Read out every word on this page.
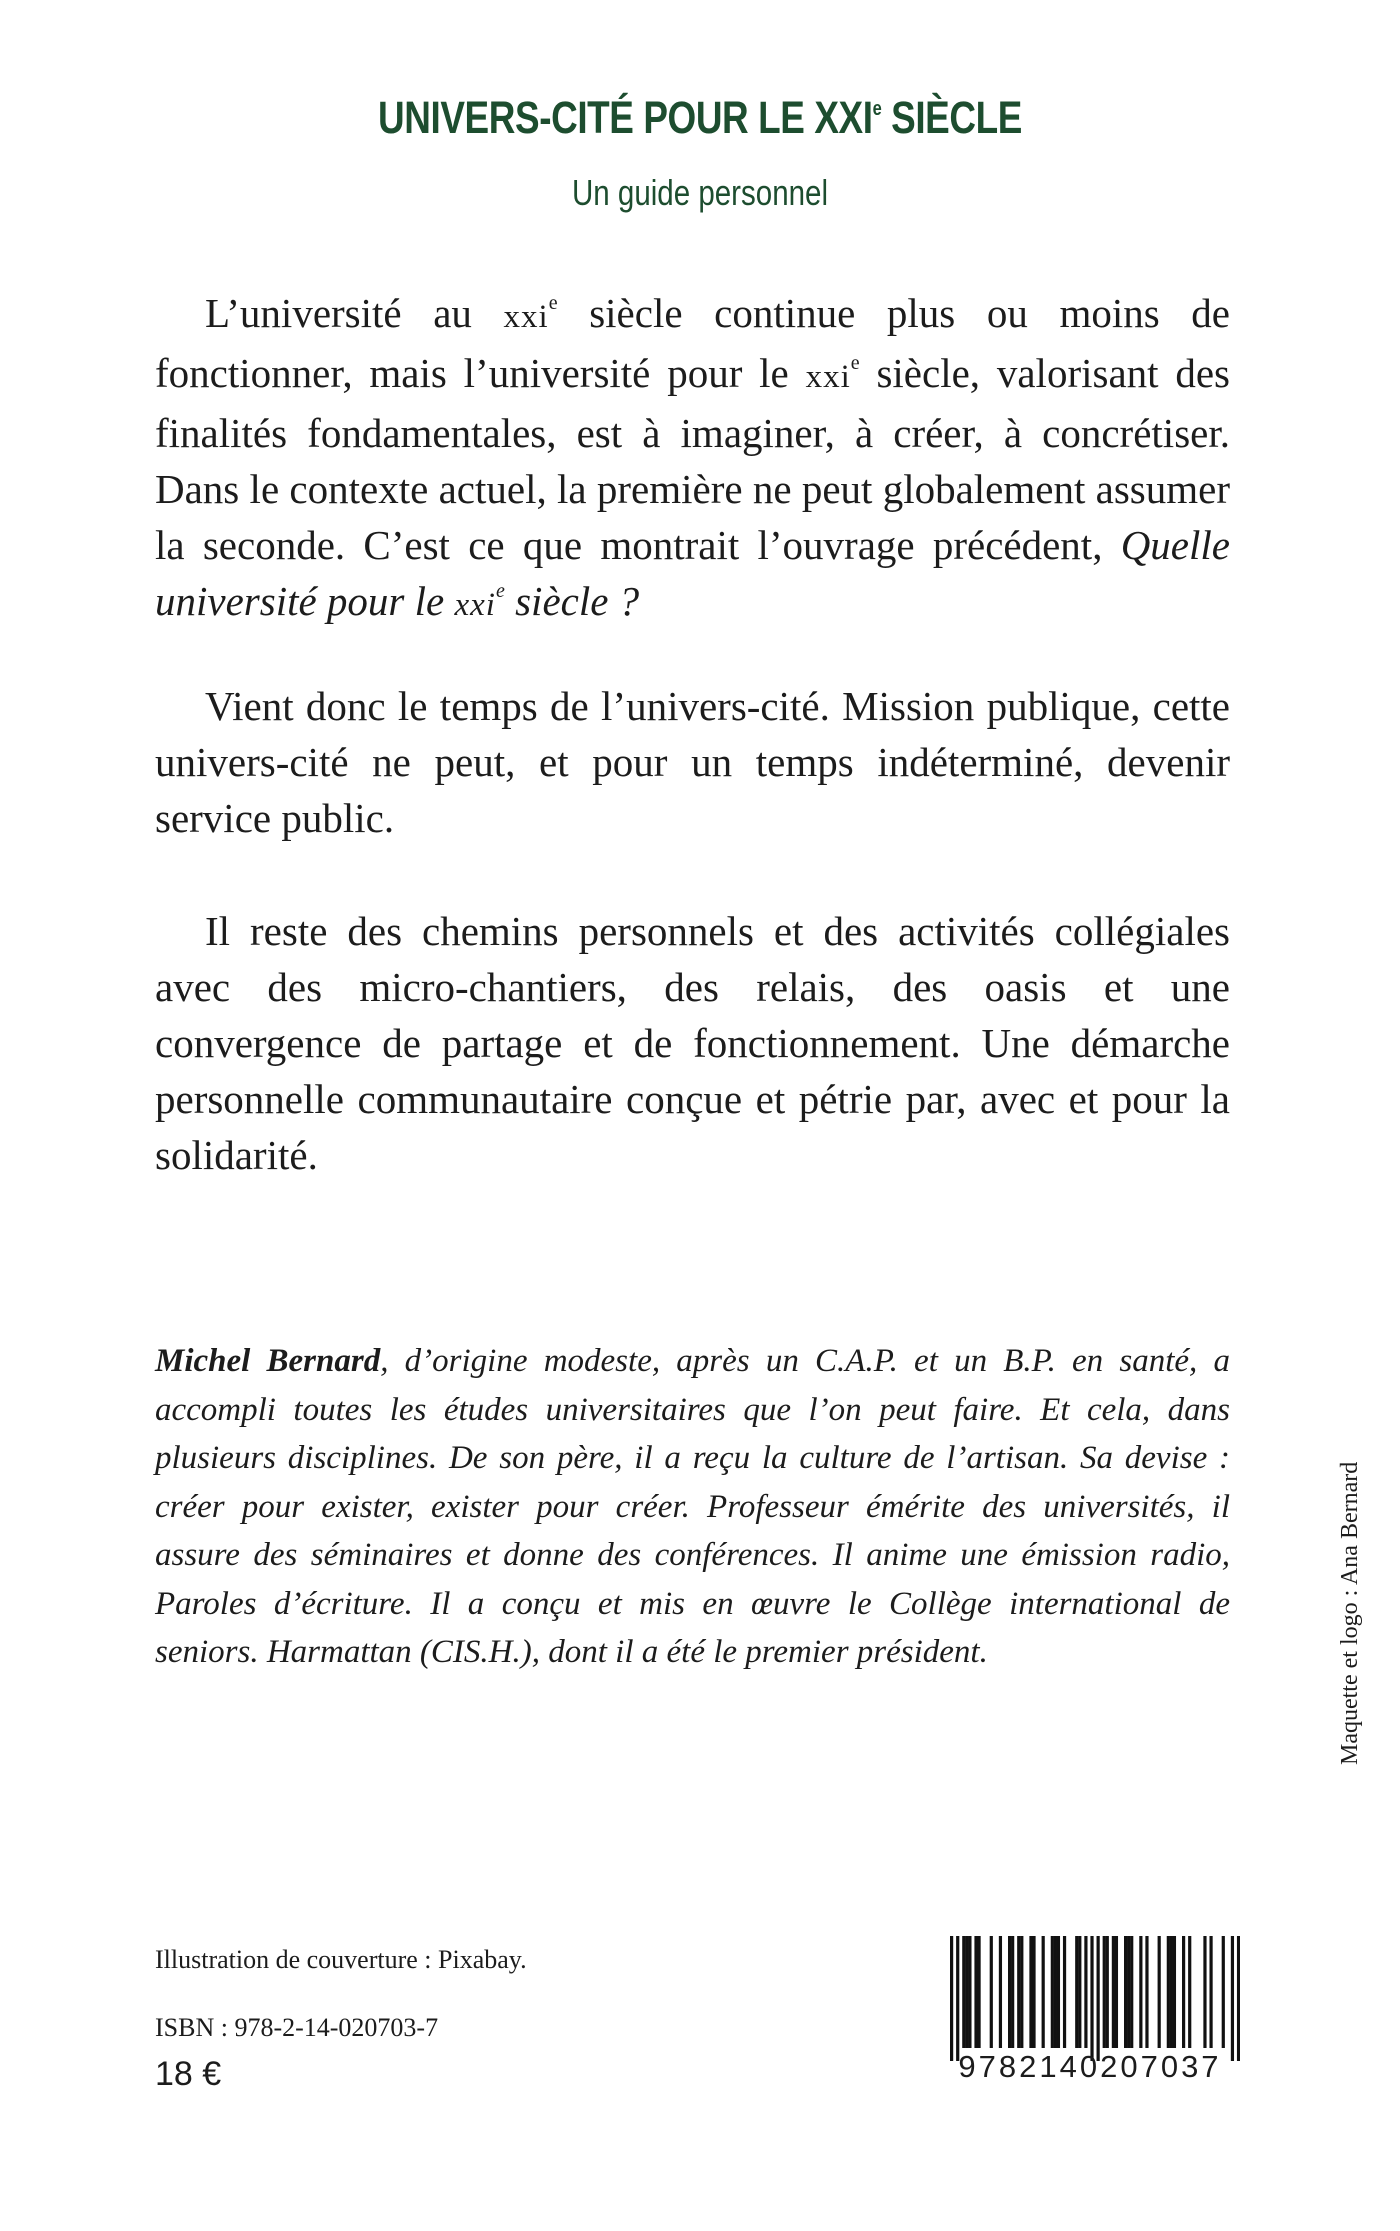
UNIVERS-CITÉ POUR LE XXIe SIÈCLE
Un guide personnel

L’université au xxi$^e$ siècle continue plus ou moins de fonctionner, mais l’université pour le xxi$^e$ siècle, valorisant des finalités fondamentales, est à imaginer, à créer, à concrétiser. Dans le contexte actuel, la première ne peut globalement assumer la seconde. C’est ce que montrait l’ouvrage précédent, Quelle université pour le xxi$^e$ siècle ?

Vient donc le temps de l’univers-cité. Mission publique, cette univers-cité ne peut, et pour un temps indéterminé, devenir service public.

Il reste des chemins personnels et des activités collégiales avec des micro-chantiers, des relais, des oasis et une convergence de partage et de fonctionnement. Une démarche personnelle communautaire conçue et pétrie par, avec et pour la solidarité.

Michel Bernard, d’origine modeste, après un C.A.P. et un B.P. en santé, a accompli toutes les études universitaires que l’on peut faire. Et cela, dans plusieurs disciplines. De son père, il a reçu la culture de l’artisan. Sa devise : créer pour exister, exister pour créer. Professeur émérite des universités, il assure des séminaires et donne des conférences. Il anime une émission radio, Paroles d’écriture. Il a conçu et mis en œuvre le Collège international de seniors. Harmattan (CIS.H.), dont il a été le premier président.	Maquette et logo : Ana Bernard
Illustration de couverture : Pixabay.
ISBN : 978-2-14-020703-7
18 €	9782140207037
